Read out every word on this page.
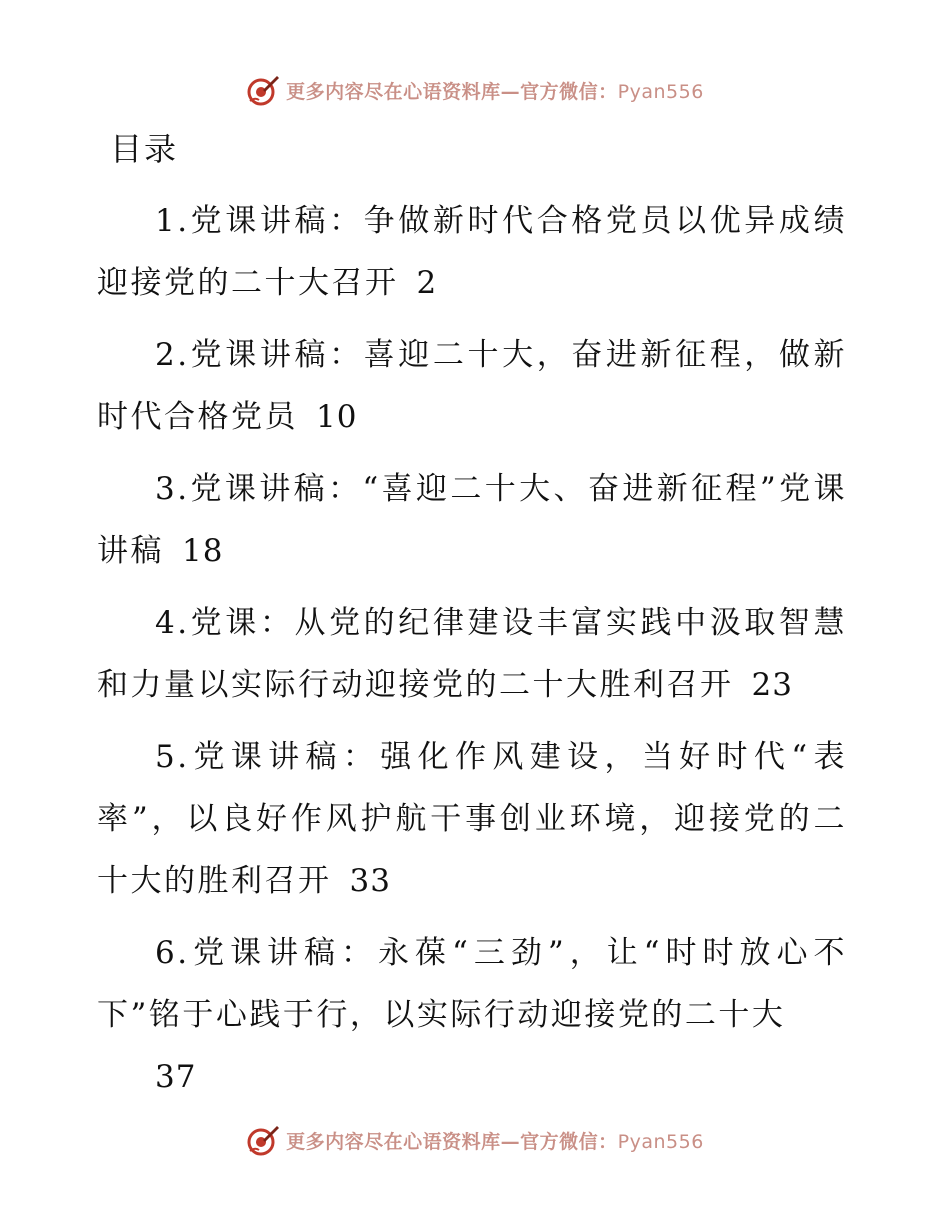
更多内容尽在心语资料库—官方微信：Pyan556
目录

1.党课讲稿：争做新时代合格党员以优异成绩迎接党的二十大召开 2

2.党课讲稿：喜迎二十大，奋进新征程，做新时代合格党员 10

3.党课讲稿：“喜迎二十大、奋进新征程”党课讲稿 18

4.党课：从党的纪律建设丰富实践中汲取智慧和力量以实际行动迎接党的二十大胜利召开 23

5.党课讲稿：强化作风建设，当好时代“表率”，以良好作风护航干事创业环境，迎接党的二十大的胜利召开 33

6.党课讲稿：永葆“三劲”，让“时时放心不下”铭于心践于行，以实际行动迎接党的二十大
37

更多内容尽在心语资料库—官方微信：Pyan556
